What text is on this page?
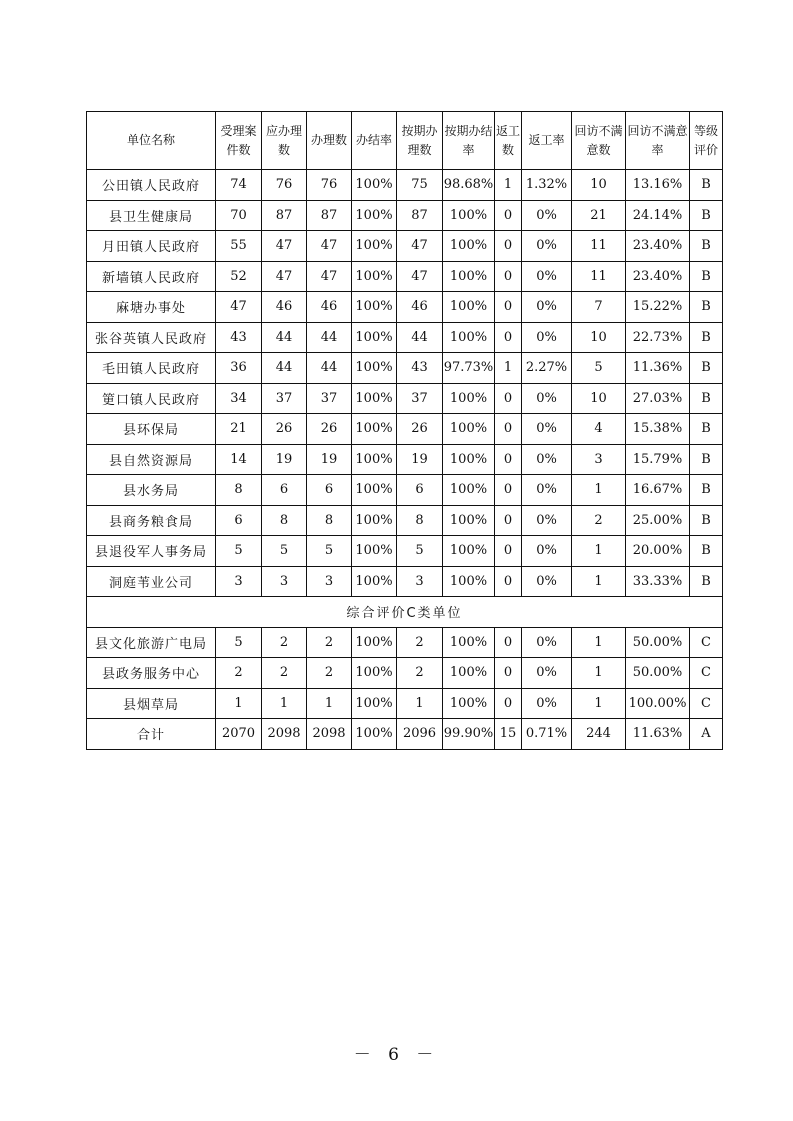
单位名称	受理案件数	应办理数	办理数	办结率	按期办理数	按期办结率	返工数	返工率	回访不满意数	回访不满意率	等级评价
公田镇人民政府	74	76	76	100%	75	98.68%	1	1.32%	10	13.16%	B
县卫生健康局	70	87	87	100%	87	100%	0	0%	21	24.14%	B
月田镇人民政府	55	47	47	100%	47	100%	0	0%	11	23.40%	B
新墙镇人民政府	52	47	47	100%	47	100%	0	0%	11	23.40%	B
麻塘办事处	47	46	46	100%	46	100%	0	0%	7	15.22%	B
张谷英镇人民政府	43	44	44	100%	44	100%	0	0%	10	22.73%	B
毛田镇人民政府	36	44	44	100%	43	97.73%	1	2.27%	5	11.36%	B
筻口镇人民政府	34	37	37	100%	37	100%	0	0%	10	27.03%	B
县环保局	21	26	26	100%	26	100%	0	0%	4	15.38%	B
县自然资源局	14	19	19	100%	19	100%	0	0%	3	15.79%	B
县水务局	8	6	6	100%	6	100%	0	0%	1	16.67%	B
县商务粮食局	6	8	8	100%	8	100%	0	0%	2	25.00%	B
县退役军人事务局	5	5	5	100%	5	100%	0	0%	1	20.00%	B
洞庭苇业公司	3	3	3	100%	3	100%	0	0%	1	33.33%	B
综合评价C类单位											
县文化旅游广电局	5	2	2	100%	2	100%	0	0%	1	50.00%	C
县政务服务中心	2	2	2	100%	2	100%	0	0%	1	50.00%	C
县烟草局	1	1	1	100%	1	100%	0	0%	1	100.00%	C
合计	2070	2098	2098	100%	2096	99.90%	15	0.71%	244	11.63%	A
－ 6 －
